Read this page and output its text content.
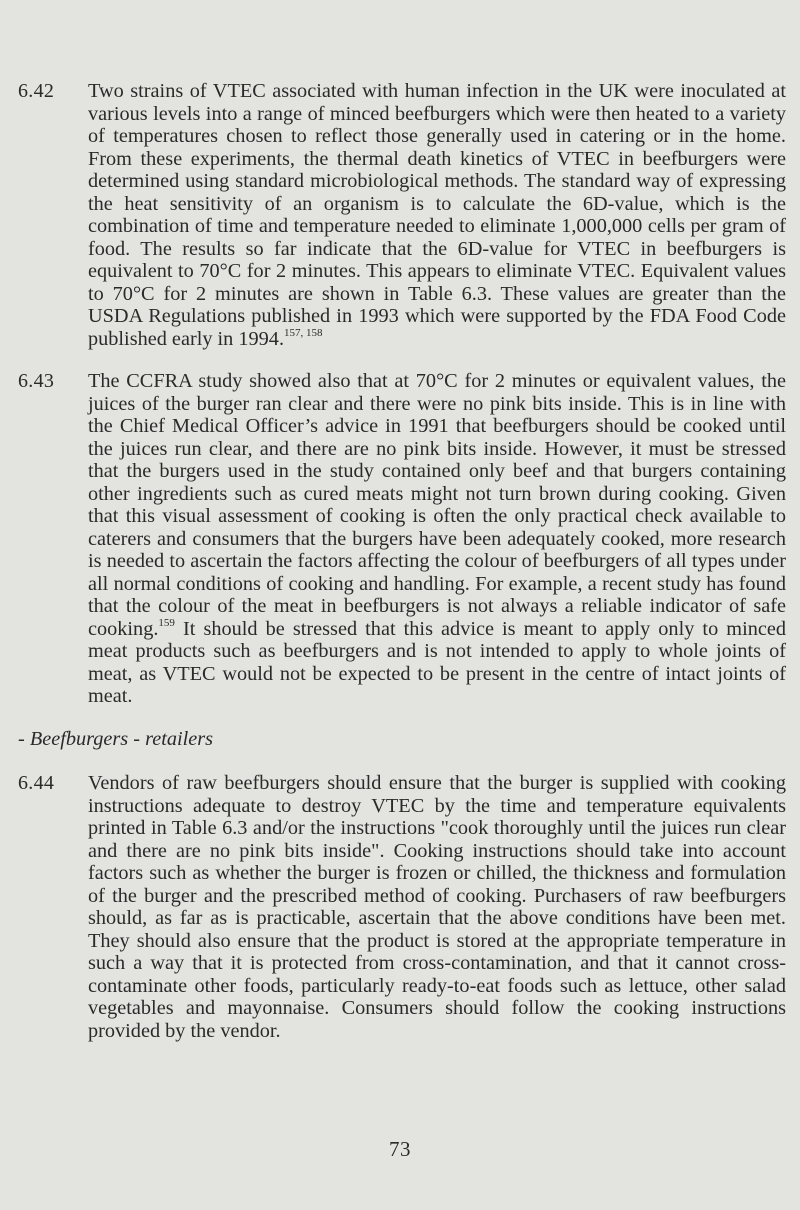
6.42	Two strains of VTEC associated with human infection in the UK were inoculated at various levels into a range of minced beefburgers which were then heated to a variety of temperatures chosen to reflect those generally used in catering or in the home. From these experiments, the thermal death kinetics of VTEC in beefburgers were determined using standard microbiological methods. The standard way of expressing the heat sensitivity of an organism is to calculate the 6D-value, which is the combination of time and temperature needed to eliminate 1,000,000 cells per gram of food. The results so far indicate that the 6D-value for VTEC in beefburgers is equivalent to 70°C for 2 minutes. This appears to eliminate VTEC. Equivalent values to 70°C for 2 minutes are shown in Table 6.3. These values are greater than the USDA Regulations published in 1993 which were supported by the FDA Food Code published early in 1994.$^{157, 158}$
6.43	The CCFRA study showed also that at 70°C for 2 minutes or equivalent values, the juices of the burger ran clear and there were no pink bits inside. This is in line with the Chief Medical Officer’s advice in 1991 that beefburgers should be cooked until the juices run clear, and there are no pink bits inside. However, it must be stressed that the burgers used in the study contained only beef and that burgers containing other ingredients such as cured meats might not turn brown during cooking. Given that this visual assessment of cooking is often the only practical check available to caterers and consumers that the burgers have been adequately cooked, more research is needed to ascertain the factors affecting the colour of beefburgers of all types under all normal conditions of cooking and handling. For example, a recent study has found that the colour of the meat in beefburgers is not always a reliable indicator of safe cooking.$^{159}$ It should be stressed that this advice is meant to apply only to minced meat products such as beefburgers and is not intended to apply to whole joints of meat, as VTEC would not be expected to be present in the centre of intact joints of meat.
- Beefburgers - retailers
6.44	Vendors of raw beefburgers should ensure that the burger is supplied with cooking instructions adequate to destroy VTEC by the time and temperature equivalents printed in Table 6.3 and/or the instructions "cook thoroughly until the juices run clear and there are no pink bits inside". Cooking instructions should take into account factors such as whether the burger is frozen or chilled, the thickness and formulation of the burger and the prescribed method of cooking. Purchasers of raw beefburgers should, as far as is practicable, ascertain that the above conditions have been met. They should also ensure that the product is stored at the appropriate temperature in such a way that it is protected from cross-contamination, and that it cannot cross-contaminate other foods, particularly ready-to-eat foods such as lettuce, other salad vegetables and mayonnaise. Consumers should follow the cooking instructions provided by the vendor.
73
